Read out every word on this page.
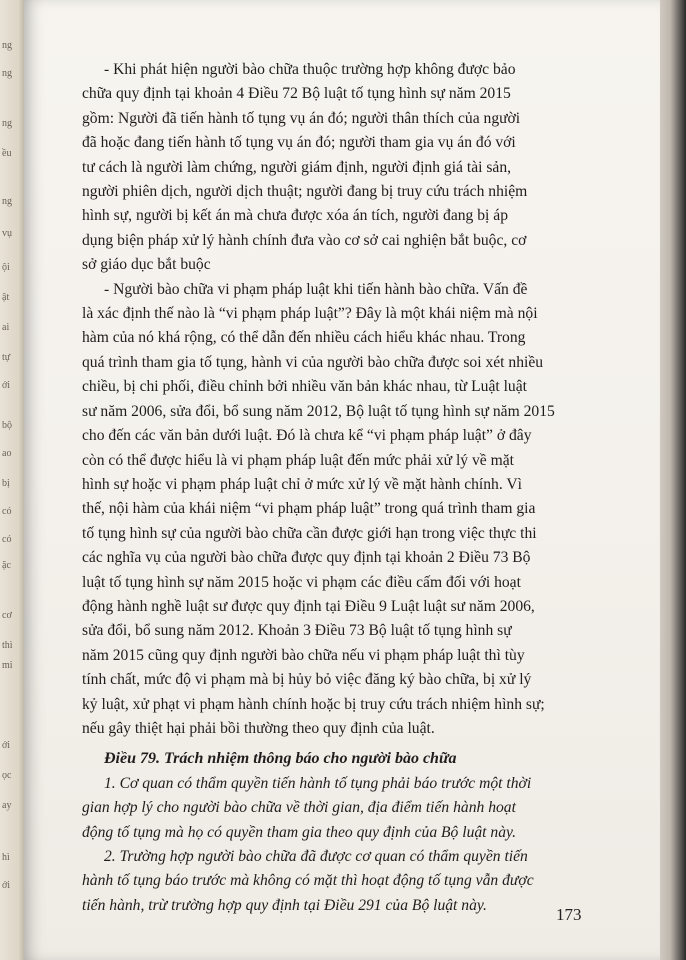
ng
ng
ng
ều
ng
vụ
ội
ật
ai
tự
ới
bộ
ao
bị
có
có
ặc
cơ
thì
mi
ới
ọc
ay
hì
ới
- Khi phát hiện người bào chữa thuộc trường hợp không được bảo
chữa quy định tại khoản 4 Điều 72 Bộ luật tố tụng hình sự năm 2015
gồm: Người đã tiến hành tố tụng vụ án đó; người thân thích của người
đã hoặc đang tiến hành tố tụng vụ án đó; người tham gia vụ án đó với
tư cách là người làm chứng, người giám định, người định giá tài sản,
người phiên dịch, người dịch thuật; người đang bị truy cứu trách nhiệm
hình sự, người bị kết án mà chưa được xóa án tích, người đang bị áp
dụng biện pháp xử lý hành chính đưa vào cơ sở cai nghiện bắt buộc, cơ
sở giáo dục bắt buộc
- Người bào chữa vi phạm pháp luật khi tiến hành bào chữa. Vấn đề
là xác định thế nào là “vi phạm pháp luật”? Đây là một khái niệm mà nội
hàm của nó khá rộng, có thể dẫn đến nhiều cách hiểu khác nhau. Trong
quá trình tham gia tố tụng, hành vi của người bào chữa được soi xét nhiều
chiều, bị chi phối, điều chỉnh bởi nhiều văn bản khác nhau, từ Luật luật
sư năm 2006, sửa đổi, bổ sung năm 2012, Bộ luật tố tụng hình sự năm 2015
cho đến các văn bản dưới luật. Đó là chưa kể “vi phạm pháp luật” ở đây
còn có thể được hiểu là vi phạm pháp luật đến mức phải xử lý về mặt
hình sự hoặc vi phạm pháp luật chỉ ở mức xử lý về mặt hành chính. Vì
thế, nội hàm của khái niệm “vi phạm pháp luật” trong quá trình tham gia
tố tụng hình sự của người bào chữa cần được giới hạn trong việc thực thi
các nghĩa vụ của người bào chữa được quy định tại khoản 2 Điều 73 Bộ
luật tố tụng hình sự năm 2015 hoặc vi phạm các điều cấm đối với hoạt
động hành nghề luật sư được quy định tại Điều 9 Luật luật sư năm 2006,
sửa đổi, bổ sung năm 2012. Khoản 3 Điều 73 Bộ luật tố tụng hình sự
năm 2015 cũng quy định người bào chữa nếu vi phạm pháp luật thì tùy
tính chất, mức độ vi phạm mà bị hủy bỏ việc đăng ký bào chữa, bị xử lý
kỷ luật, xử phạt vi phạm hành chính hoặc bị truy cứu trách nhiệm hình sự;
nếu gây thiệt hại phải bồi thường theo quy định của luật.
Điều 79. Trách nhiệm thông báo cho người bào chữa
1. Cơ quan có thẩm quyền tiến hành tố tụng phải báo trước một thời
gian hợp lý cho người bào chữa về thời gian, địa điểm tiến hành hoạt
động tố tụng mà họ có quyền tham gia theo quy định của Bộ luật này.
2. Trường hợp người bào chữa đã được cơ quan có thẩm quyền tiến
hành tố tụng báo trước mà không có mặt thì hoạt động tố tụng vẫn được
tiến hành, trừ trường hợp quy định tại Điều 291 của Bộ luật này.	173
